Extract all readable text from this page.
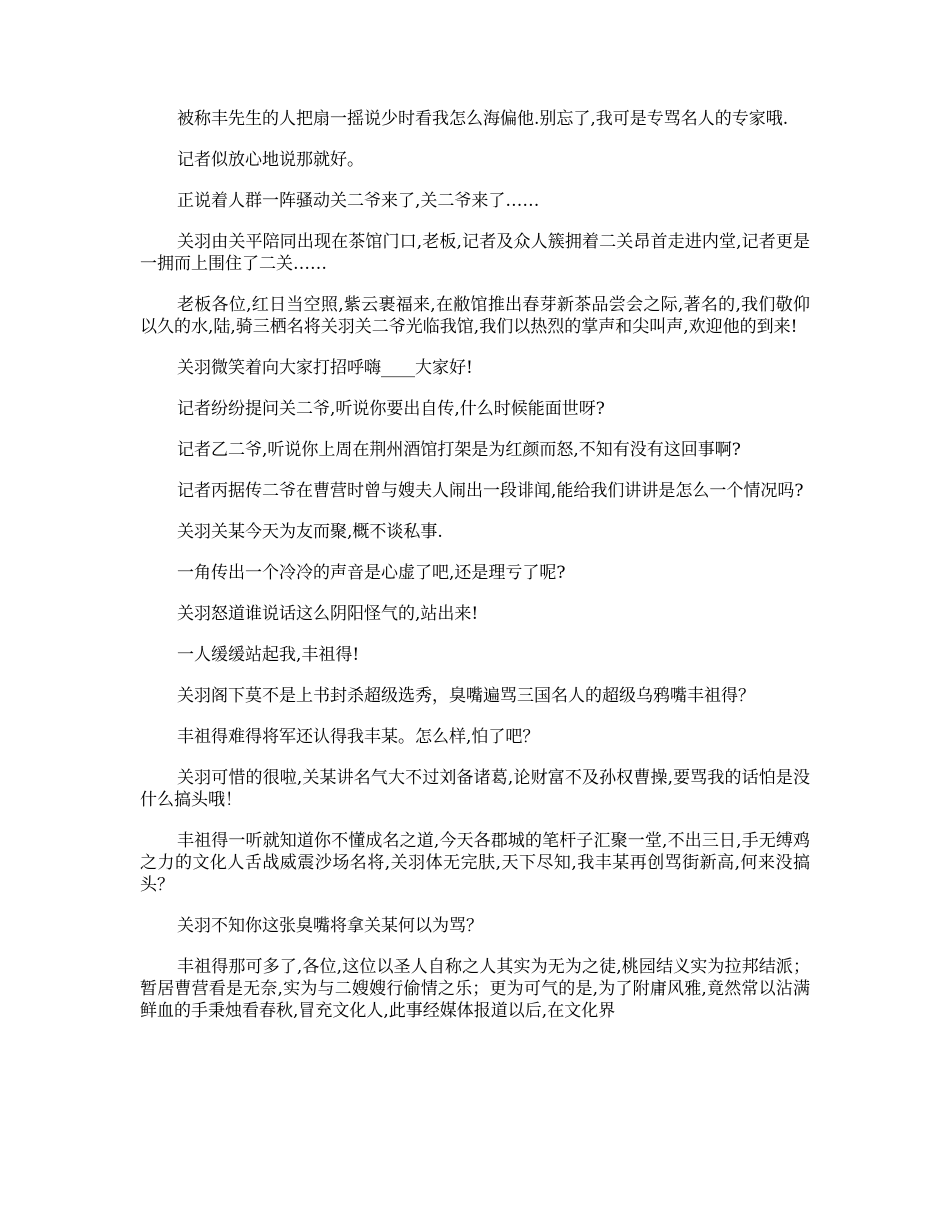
被称丰先生的人把扇一摇说少时看我怎么海偏他.别忘了,我可是专骂名人的专家哦.

记者似放心地说那就好。

正说着人群一阵骚动关二爷来了,关二爷来了……

关羽由关平陪同出现在茶馆门口,老板,记者及众人簇拥着二关昂首走进内堂,记者更是一拥而上围住了二关……

老板各位,红日当空照,紫云裹福来,在敝馆推出春芽新茶品尝会之际,著名的,我们敬仰以久的水,陆,骑三栖名将关羽关二爷光临我馆,我们以热烈的掌声和尖叫声,欢迎他的到来!

关羽微笑着向大家打招呼嗨____大家好!

记者纷纷提问关二爷,听说你要出自传,什么时候能面世呀?

记者乙二爷,听说你上周在荆州酒馆打架是为红颜而怒,不知有没有这回事啊?

记者丙据传二爷在曹营时曾与嫂夫人闹出一段诽闻,能给我们讲讲是怎么一个情况吗?

关羽关某今天为友而聚,概不谈私事.

一角传出一个冷冷的声音是心虚了吧,还是理亏了呢?

关羽怒道谁说话这么阴阳怪气的,站出来!

一人缓缓站起我,丰祖得!

关羽阁下莫不是上书封杀超级选秀，臭嘴遍骂三国名人的超级乌鸦嘴丰祖得？

丰祖得难得将军还认得我丰某。怎么样,怕了吧？

关羽可惜的很啦,关某讲名气大不过刘备诸葛,论财富不及孙权曹操,要骂我的话怕是没什么搞头哦！

丰祖得一听就知道你不懂成名之道,今天各郡城的笔杆子汇聚一堂,不出三日,手无缚鸡之力的文化人舌战威震沙场名将,关羽体无完肤,天下尽知,我丰某再创骂街新高,何来没搞头？

关羽不知你这张臭嘴将拿关某何以为骂？

丰祖得那可多了,各位,这位以圣人自称之人其实为无为之徒,桃园结义实为拉邦结派；暂居曹营看是无奈,实为与二嫂嫂行偷情之乐；更为可气的是,为了附庸风雅,竟然常以沾满鲜血的手秉烛看春秋,冒充文化人,此事经媒体报道以后,在文化界
